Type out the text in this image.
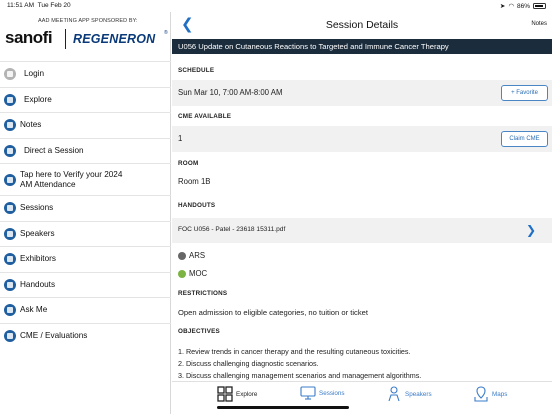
11:51 AM Tue Feb 20	➤ ◠ 86%
AAD MEETING APP SPONSORED BY:
sanofi REGENERON ®
Login
Explore
Notes
Direct a Session
Tap here to Verify your 2024
AM Attendance
Sessions
Speakers
Exhibitors
Handouts
Ask Me
CME / Evaluations
❮	Session Details	Notes
U056 Update on Cutaneous Reactions to Targeted and Immune Cancer Therapy
SCHEDULE
Sun Mar 10, 7:00 AM-8:00 AM	+ Favorite
CME AVAILABLE
1	Claim CME
ROOM
Room 1B
HANDOUTS
FOC U056 - Patel - 23618 15311.pdf	❯
ARS
MOC
RESTRICTIONS
Open admission to eligible categories, no tuition or ticket
OBJECTIVES
1. Review trends in cancer therapy and the resulting cutaneous toxicities.
2. Discuss challenging diagnostic scenarios.
3. Discuss challenging management scenarios and management algorithms.
Explore	Sessions	Speakers	Maps
